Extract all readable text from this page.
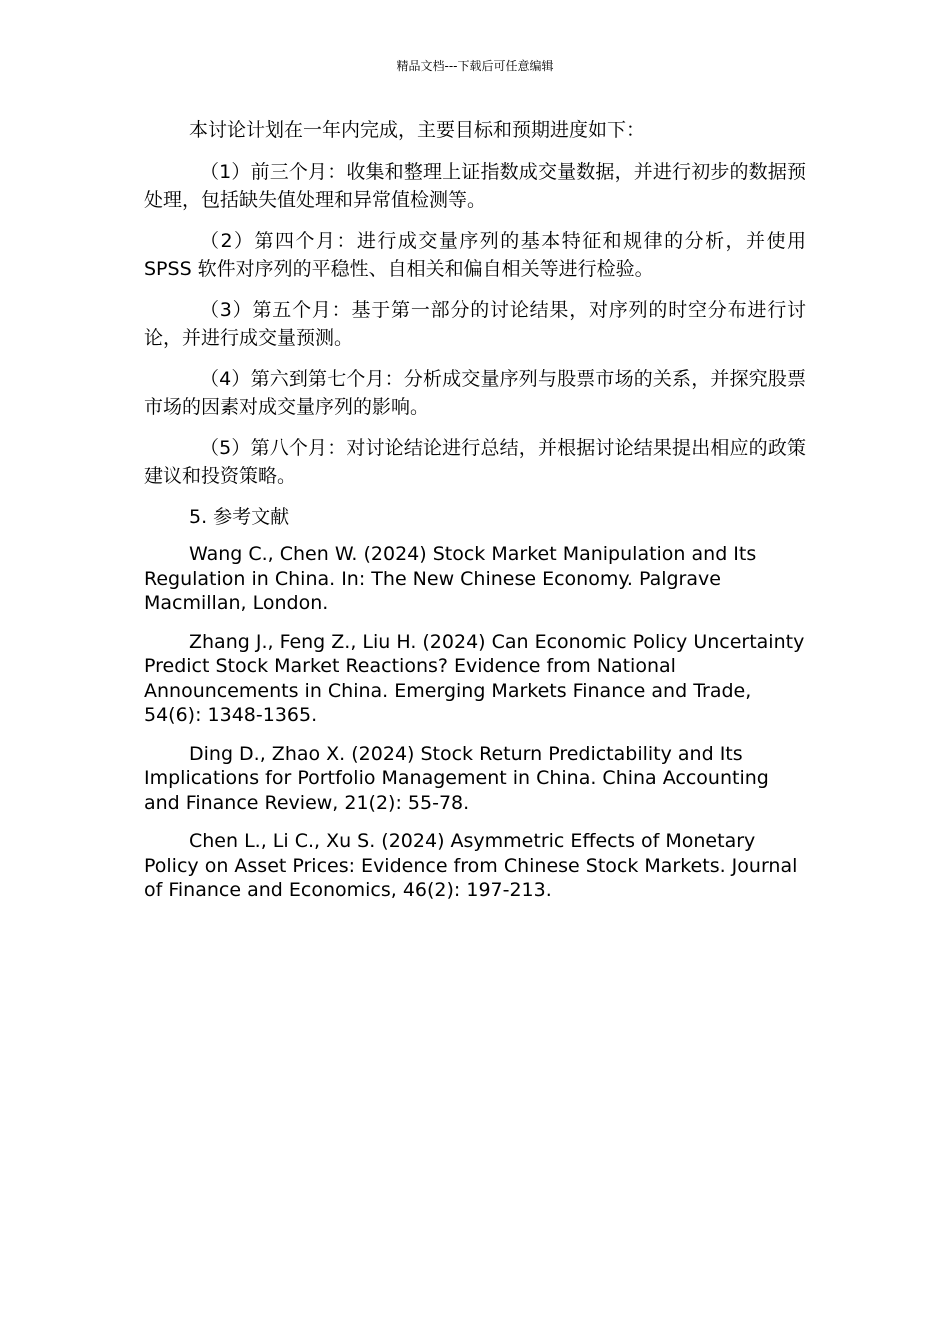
精品文档---下载后可任意编辑

本讨论计划在一年内完成，主要目标和预期进度如下：

（1）前三个月：收集和整理上证指数成交量数据，并进行初步的数据预处理，包括缺失值处理和异常值检测等。

（2）第四个月：进行成交量序列的基本特征和规律的分析，并使用 SPSS 软件对序列的平稳性、自相关和偏自相关等进行检验。

（3）第五个月：基于第一部分的讨论结果，对序列的时空分布进行讨论，并进行成交量预测。

（4）第六到第七个月：分析成交量序列与股票市场的关系，并探究股票市场的因素对成交量序列的影响。

（5）第八个月：对讨论结论进行总结，并根据讨论结果提出相应的政策建议和投资策略。

5. 参考文献

Wang C., Chen W. (2024) Stock Market Manipulation and Its Regulation in China. In: The New Chinese Economy. Palgrave Macmillan, London.

Zhang J., Feng Z., Liu H. (2024) Can Economic Policy Uncertainty Predict Stock Market Reactions? Evidence from National Announcements in China. Emerging Markets Finance and Trade, 54(6): 1348-1365.

Ding D., Zhao X. (2024) Stock Return Predictability and Its Implications for Portfolio Management in China. China Accounting and Finance Review, 21(2): 55-78.

Chen L., Li C., Xu S. (2024) Asymmetric Effects of Monetary Policy on Asset Prices: Evidence from Chinese Stock Markets. Journal of Finance and Economics, 46(2): 197-213.
